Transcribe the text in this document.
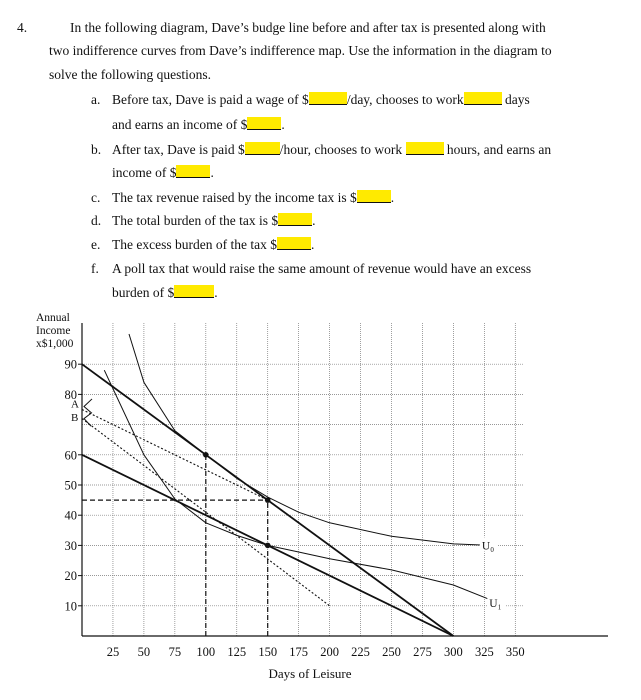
4.	In the following diagram, Dave’s budge line before and after tax is presented along with
two indifference curves from Dave’s indifference map. Use the information in the diagram to
solve the following questions.
a. Before tax, Dave is paid a wage of $	/day, chooses to work	days
and earns an income of $	.
b. After tax, Dave is paid $	/hour, chooses to work	hours, and earns an
income of $	.
c. The tax revenue raised by the income tax is $	.
d. The total burden of the tax is $	.
e. The excess burden of the tax $	.
f. A poll tax that would raise the same amount of revenue would have an excess
burden of $	.
10
20
30
40
50
60
80
90
25 50 75 100 125 150 175 200 225 250 275 300 325 350
Annual
Income
x$1,000
Days of Leisure
A
B
U₀
U₁
